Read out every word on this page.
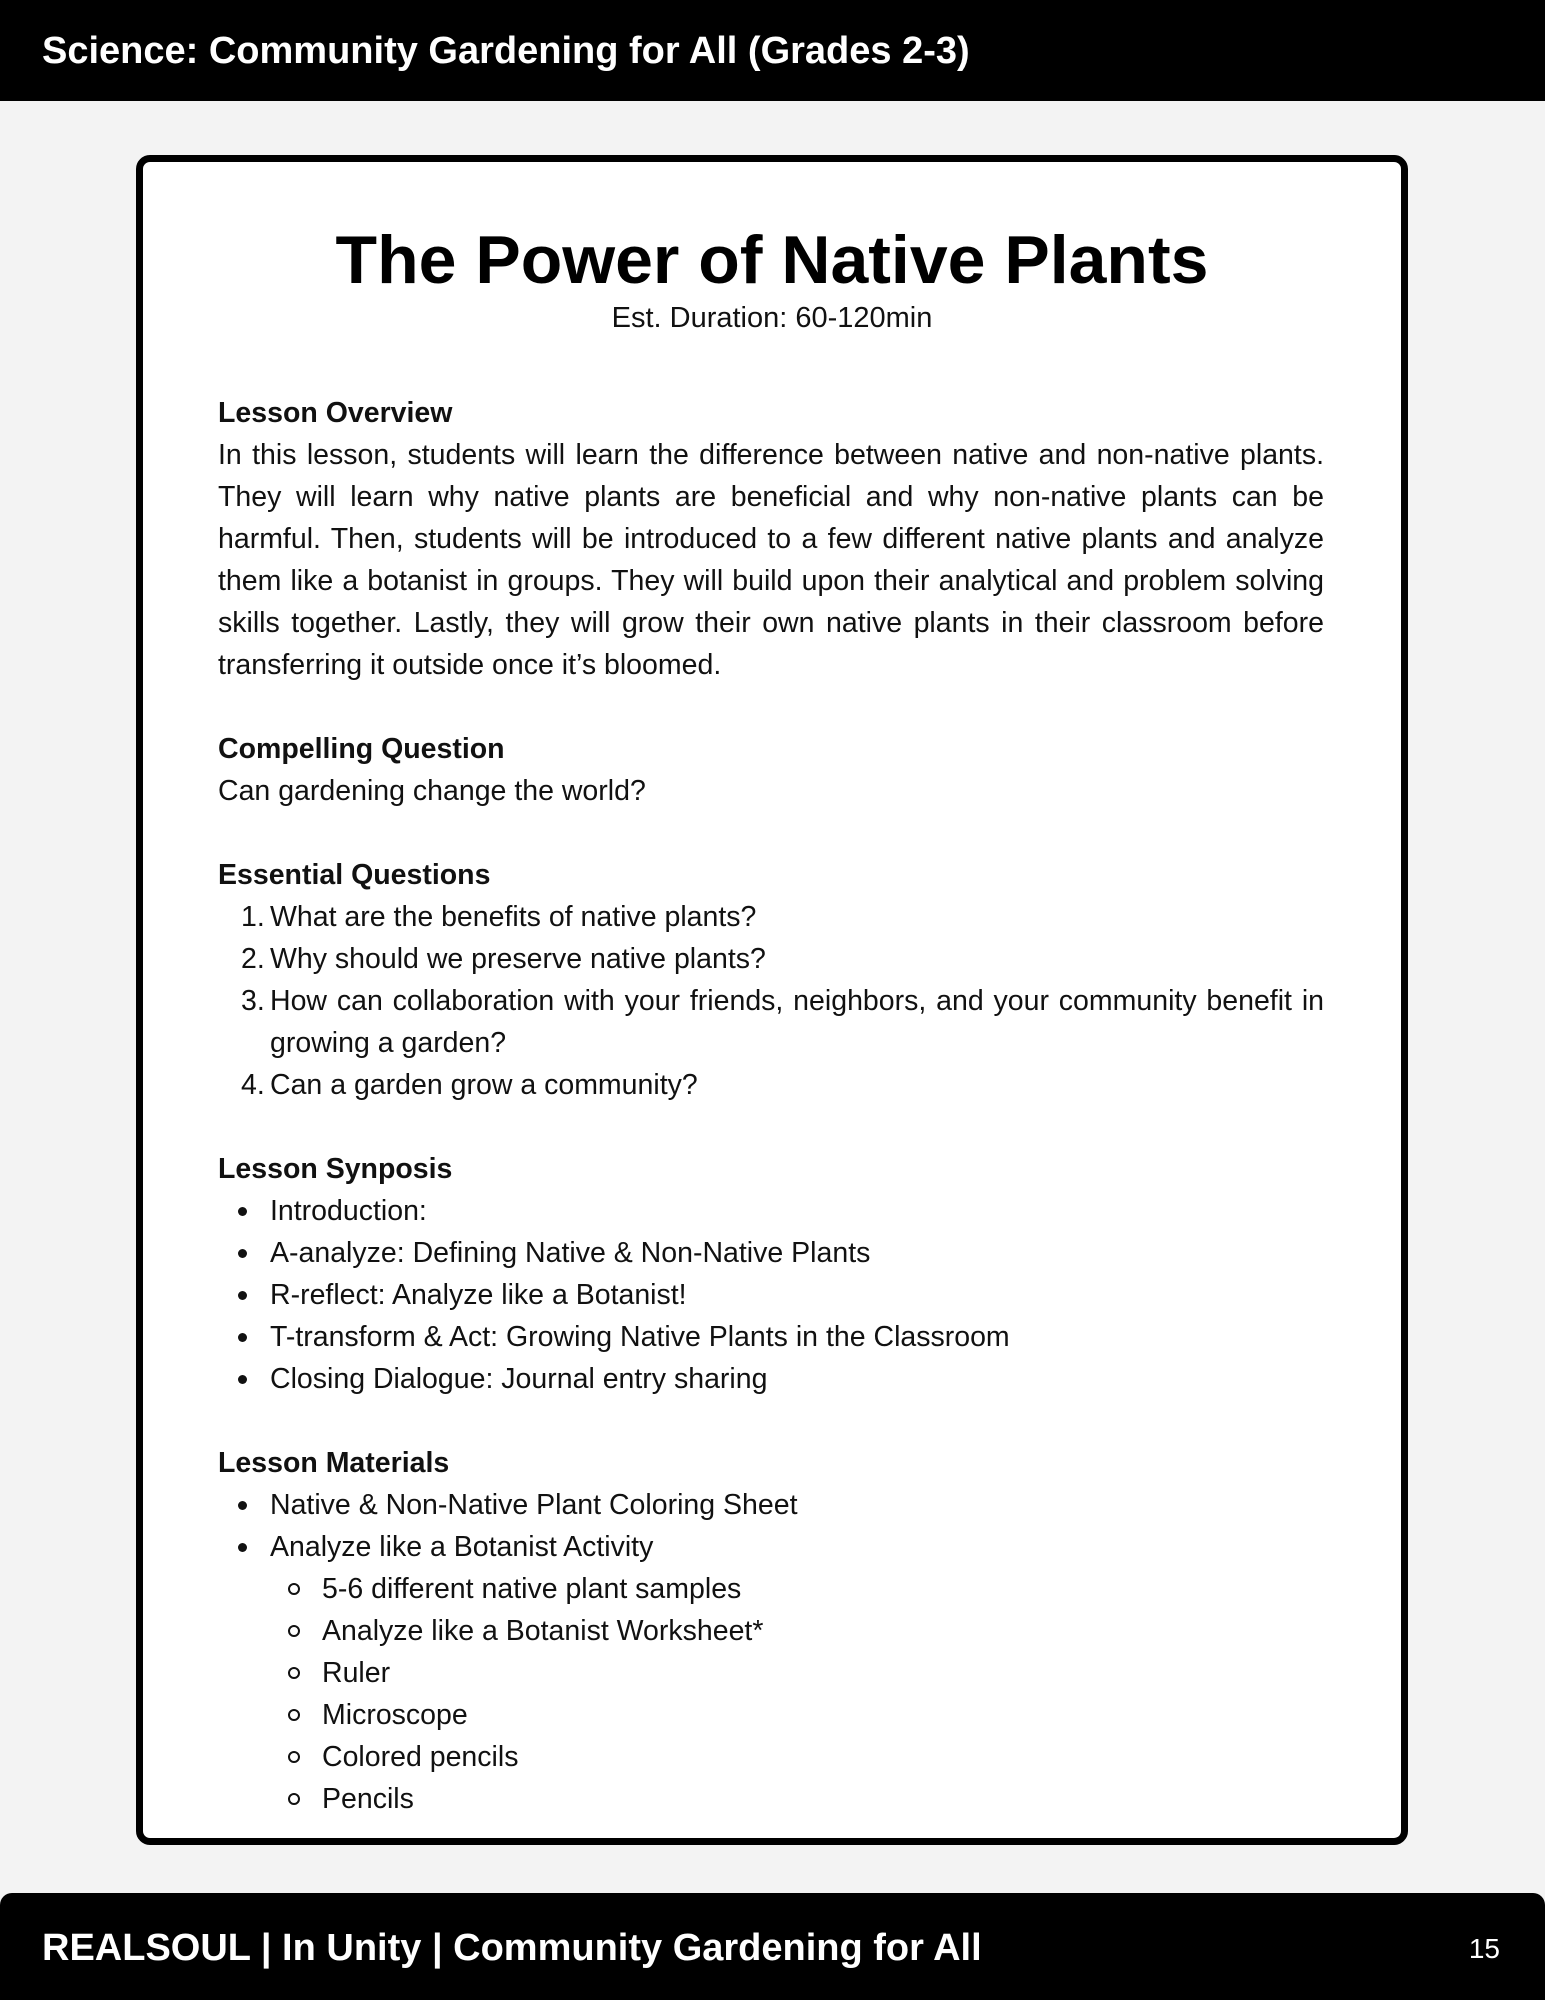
Science: Community Gardening for All (Grades 2-3)
The Power of Native Plants
Est. Duration: 60-120min

Lesson Overview

In this lesson, students will learn the difference between native and non-native plants. They will learn why native plants are beneficial and why non-native plants can be harmful. Then, students will be introduced to a few different native plants and analyze them like a botanist in groups. They will build upon their analytical and problem solving skills together. Lastly, they will grow their own native plants in their classroom before transferring it outside once it’s bloomed.

Compelling Question

Can gardening change the world?

Essential Questions

1. What are the benefits of native plants?
2. Why should we preserve native plants?
3. How can collaboration with your friends, neighbors, and your community benefit in growing a garden?
4. Can a garden grow a community?

Lesson Synposis

Introduction:
A-analyze: Defining Native & Non-Native Plants
R-reflect: Analyze like a Botanist!
T-transform & Act: Growing Native Plants in the Classroom
Closing Dialogue: Journal entry sharing

Lesson Materials

Native & Non-Native Plant Coloring Sheet
Analyze like a Botanist Activity
5-6 different native plant samples
Analyze like a Botanist Worksheet*
Ruler
Microscope
Colored pencils
Pencils
REALSOUL | In Unity | Community Gardening for All	15
